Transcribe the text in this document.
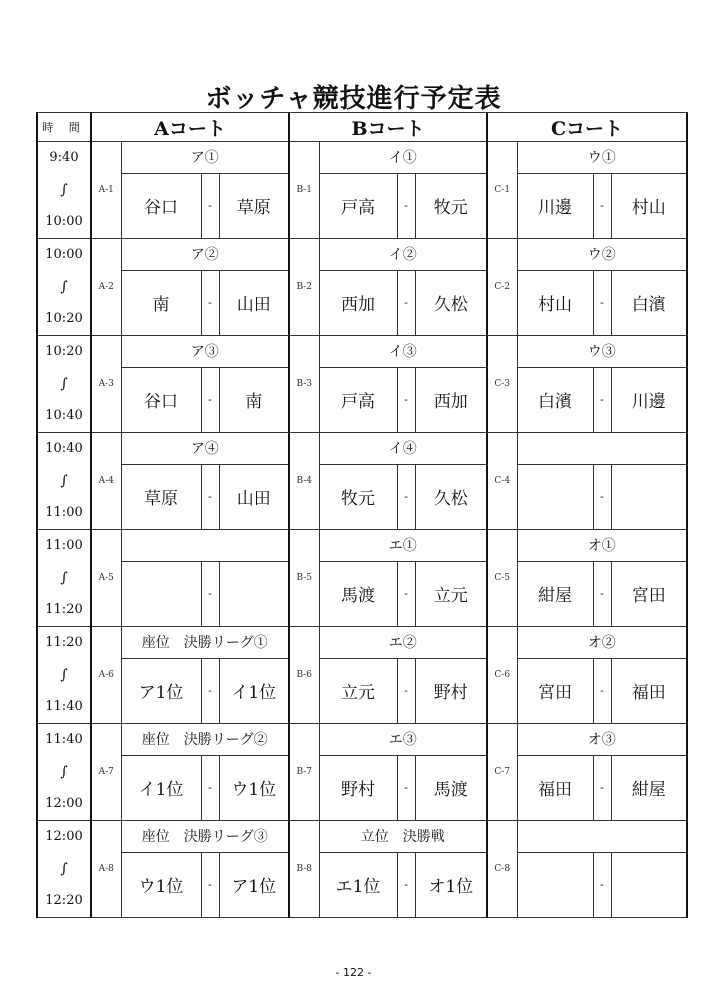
ボッチャ競技進行予定表
時 間	Aコート				Bコート				Cコート			

9:40
∫
10:00	A-1	ア①			B-1	イ①			C-1	ウ①		
		谷口	-	草原		戸高	-	牧元		川邊	-	村山

10:00
∫
10:20	A-2	ア②			B-2	イ②			C-2	ウ②		
		南	-	山田		西加	-	久松		村山	-	白濱

10:20
∫
10:40	A-3	ア③			B-3	イ③			C-3	ウ③		
		谷口	-	南		戸高	-	西加		白濱	-	川邊

10:40
∫
11:00	A-4	ア④			B-4	イ④			C-4			
		草原	-	山田		牧元	-	久松			-	

11:00
∫
11:20	A-5				B-5	エ①			C-5	オ①		
			-			馬渡	-	立元		紺屋	-	宮田

11:20
∫
11:40	A-6	座位　決勝リーグ①			B-6	エ②			C-6	オ②		
		ア1位	-	イ1位		立元	-	野村		宮田	-	福田

11:40
∫
12:00	A-7	座位　決勝リーグ②			B-7	エ③			C-7	オ③		
		イ1位	-	ウ1位		野村	-	馬渡		福田	-	紺屋

12:00
∫
12:20	A-8	座位　決勝リーグ③			B-8	立位　決勝戦			C-8			
		ウ1位	-	ア1位		エ1位	-	オ1位			-	
- 122 -
